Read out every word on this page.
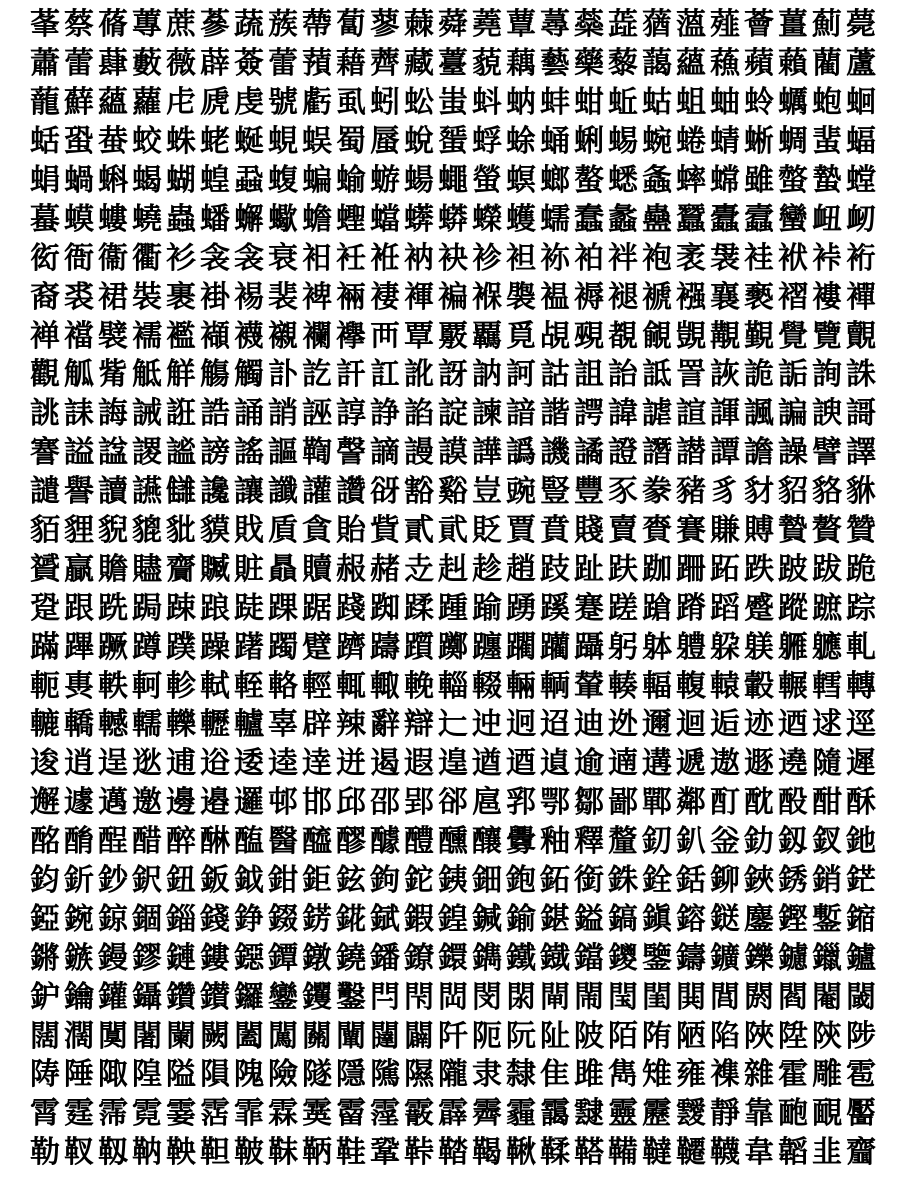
莑 蔡 蓨 蓴 蔗 蔘 蔬 蔟 蔕 蔔 蓼 蕀 蕣 蕘 蕈 蕁 蘂 蕋 蕕 薀 薤 薈 薑 薊 薨
蕭 蕾 蕼 藪 薇 薜 薟 蕾 蕷 藉 薺 藏 薹 藐 藕 藝 藥 藜 藹 蘊 蘓 蘋 藾 藺 蘆
蘢 蘚 蘊 蘿 虍 虒 虔 號 虧 虱 蚓 蚣 蚩 蚪 蚋 蚌 蚶 蚯 蛄 蛆 蚰 蛉 蠣 蚫 蛔
蛞 蛩 蛬 蛟 蛛 蛯 蜒 蜆 蜈 蜀 蜃 蛻 蜑 蜉 蜍 蛹 蜊 蜴 蜿 蜷 蜻 蜥 蜩 蜚 蝠
蜎 蝸 蝌 蝎 蝴 蝗 蝨 蝮 蝙 蝓 蝣 蝪 蠅 螢 螟 螂 螯 蟋 螽 蟀 蟐 雖 螫 蟄 螳
蟇 蟆 螻 蟯 蟲 蟠 蠏 蠍 蟾 蟶 蟷 蠎 蟒 蠑 蠖 蠕 蠢 蠡 蠱 蠶 蠹 蠧 蠻 衄 衂
衒 衙 衞 衢 衫 衾 衾 衰 衵 衽 袵 衲 袂 袗 袒 袮 袙 袢 袍 袤 袰 袿 袱 裃 裄
裔 裘 裙 裝 裹 褂 裼 裴 裨 裲 褄 褌 褊 褓 褜 褞 褥 褪 褫 襁 襄 褻 褶 褸 襌
褝 襠 襞 襦 襤 襭 襪 襯 襴 襷 襾 覃 覈 覊 覓 覘 覡 覩 覦 覬 覯 覲 覺 覽 覿
觀 觚 觜 觝 觧 觴 觸 訃 訖 訐 訌 訛 訝 訥 訶 詁 詛 詒 詆 詈 詼 詭 詬 詢 誅
誂 誄 誨 誡 誑 誥 誦 誚 誣 諄 諍 諂 諚 諫 諳 諧 諤 諱 謔 諠 諢 諷 諞 諛 謌
謇 謚 諡 謖 謐 謗 謠 謳 鞫 謦 謫 謾 謨 譁 譌 譏 譎 證 譖 譛 譚 譫 譟 譬 譯
譴 譽 讀 讌 讎 讒 讓 讖 讙 讚 谺 豁 谿 豈 豌 豎 豐 豕 豢 豬 豸 豺 貂 貉 貅
貊 貍 貎 貔 豼 貘 戝 貭 貪 貽 貲 貳 貮 貶 賈 賁 賤 賣 賚 賽 賺 賻 贄 贅 贊
贇 贏 贍 贐 齎 贓 賍 贔 贖 赧 赭 赱 赳 趁 趙 跂 趾 趺 跏 跚 跖 跌 跛 跋 跪
跫 跟 跣 跼 踈 踉 跿 踝 踞 踐 踟 蹂 踵 踰 踴 蹊 蹇 蹉 蹌 蹐 蹈 蹙 蹤 蹠 踪
蹣 蹕 蹶 蹲 蹼 躁 躇 躅 躄 躋 躊 躓 躑 躔 躙 躪 躡 躬 躰 軆 躱 躾 軅 軈 軋
軛 軣 軼 軻 軫 軾 輊 輅 輕 輒 輙 輓 輜 輟 輛 輌 輦 輳 輻 輹 轅 轂 輾 轌 轉
轆 轎 轗 轜 轢 轣 轤 辜 辟 辣 辭 辯 辷 迚 迥 迢 迪 迯 邇 迴 逅 迹 迺 逑 逕
逡 逍 逞 逖 逋 逧 逶 逵 逹 迸 遏 遐 遑 遒 逎 遉 逾 遖 遘 遞 遨 遯 遶 隨 遲
邂 遽 邁 邀 邊 邉 邏 邨 邯 邱 邵 郢 郤 扈 郛 鄂 鄒 鄙 鄲 鄰 酊 酖 酘 酣 酥
酩 酳 酲 醋 醉 醂 醢 醫 醯 醪 醵 醴 醺 釀 釁 釉 釋 釐 釖 釟 釡 釛 釼 釵 釶
鈞 釿 鈔 鈬 鈕 鈑 鉞 鉗 鉅 鉉 鉤 鉈 銕 鈿 鉋 鉐 銜 銖 銓 銛 鉚 鋏 銹 銷 鋩
錏 鋺 鍄 錮 錙 錢 錚 錣 錺 錵 錻 鍜 鍠 鍼 鍮 鍖 鎰 鎬 鎭 鎔 鎹 鏖 鏗 鏨 鏥
鏘 鏃 鏝 鏐 鏈 鏤 鐚 鐔 鐓 鐃 鐇 鐐 鐶 鐫 鐵 鐡 鐺 鑁 鑒 鑄 鑛 鑠 鑢 鑞 鑪
鈩 鑰 鑵 鑷 鑽 鑚 鑼 鑾 钁 鑿 閂 閇 閊 閔 閖 閘 閙 閠 閨 閧 閭 閼 閻 閹 閾
闊 濶 闃 闍 闌 闕 闔 闖 關 闡 闥 闢 阡 阨 阮 阯 陂 陌 陏 陋 陷 陜 陞 陝 陟
陦 陲 陬 隍 隘 隕 隗 險 隧 隱 隲 隰 隴 隶 隸 隹 雎 雋 雉 雍 襍 雜 霍 雕 雹
霄 霆 霈 霓 霎 霑 霏 霖 霙 霤 霪 霰 霹 霽 霾 靄 靆 靈 靂 靉 靜 靠 靤 靦 靨
勒 靫 靱 靹 鞅 靼 鞁 靺 鞆 鞋 鞏 鞐 鞜 鞨 鞦 鞣 鞳 鞴 韃 韆 韈 韋 韜 韭 齏
